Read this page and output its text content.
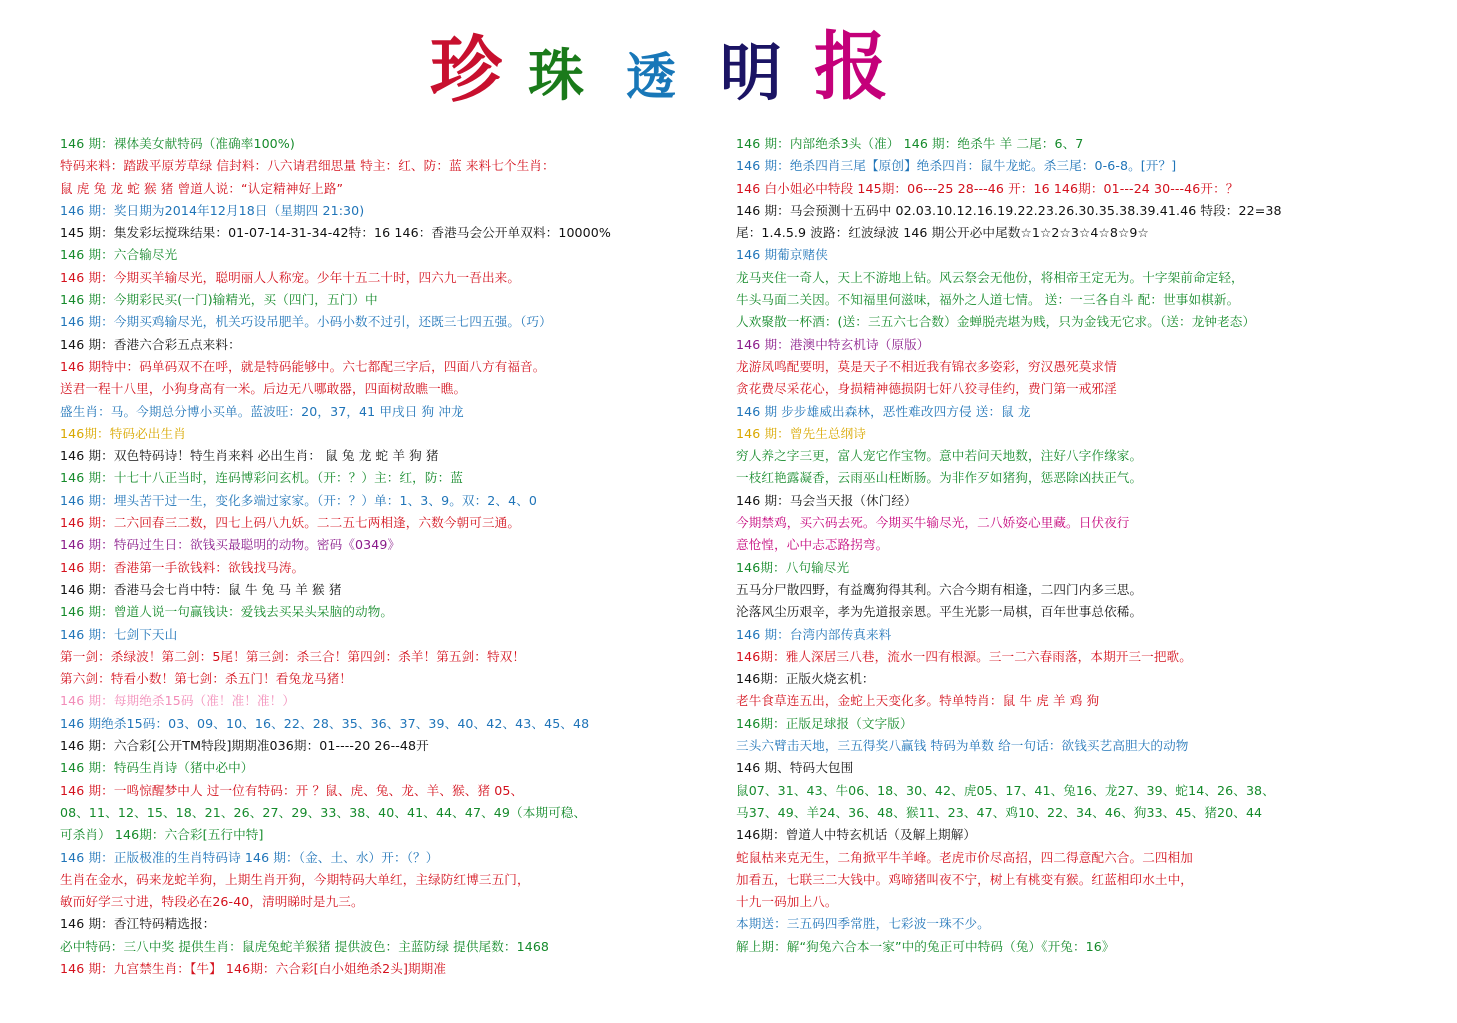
珍 珠 透 明 报
146 期：裸体美女献特码（准确率100%)
特码来料：踏跋平原芳草绿 信封料：八六请君细思量 特主：红、防：蓝 来料七个生肖：
鼠 虎 兔 龙 蛇 猴 猪 曾道人说：“认定精神好上路”
146 期：奖日期为2014年12月18日（星期四 21:30)
145 期：集发彩坛搅珠结果：01-07-14-31-34-42特：16 146：香港马会公开单双料：10000%
146 期：六合输尽光
146 期：今期买羊输尽光，聪明丽人人称宠。少年十五二十时，四六九一吾出来。
146 期：今期彩民买(一门)输精光，买（四门，五门）中
146 期：今期买鸡输尽光，机关巧设吊肥羊。小码小数不过引，还既三七四五强。（巧）
146 期：香港六合彩五点来料：
146 期特中：码单码双不在呼，就是特码能够中。六七都配三字后，四面八方有福音。
送君一程十八里，小狗身高有一米。后边无八哪敢器，四面树敌瞧一瞧。
盛生肖：马。今期总分博小买单。蓝波旺：20，37，41 甲戌日 狗 冲龙
146期：特码必出生肖
146 期：双色特码诗！特生肖来料 必出生肖： 鼠 兔 龙 蛇 羊 狗 猪
146 期：十七十八正当时，连码博彩问玄机。（开：？）主：红，防：蓝
146 期：埋头苦干过一生，变化多端过家家。（开：？）单：1、3、9。双：2、4、0
146 期：二六回春三二数，四七上码八九妖。二二五七两相逢，六数今朝可三通。
146 期：特码过生日：欲钱买最聪明的动物。密码《0349》
146 期：香港第一手欲钱料：欲钱找马涛。
146 期：香港马会七肖中特：鼠 牛 兔 马 羊 猴 猪
146 期：曾道人说一句赢钱诀：爱钱去买呆头呆脑的动物。
146 期：七剑下天山
第一剑：杀绿波！第二剑：5尾！第三剑：杀三合！第四剑：杀羊！第五剑：特双！
第六剑：特看小数！第七剑：杀五门！看兔龙马猪！
146 期：每期绝杀15码（准！准！准！）
146 期绝杀15码：03、09、10、16、22、28、35、36、37、39、40、42、43、45、48
146 期：六合彩[公开TM特段]期期准036期：01----20 26--48开
146 期：特码生肖诗（猪中必中）
146 期：一鸣惊醒梦中人 过一位有特码：开 ？鼠、虎、兔、龙、羊、猴、猪 05、
08、11、12、15、18、21、26、27、29、33、38、40、41、44、47、49（本期可稳、
可杀肖） 146期：六合彩[五行中特]
146 期：正版极准的生肖特码诗 146 期：（金、土、水）开：（？）
生肖在金水，码来龙蛇羊狗，上期生肖开狗，今期特码大单红，主绿防红博三五门，
敏而好学三寸进，特段必在26-40，清明睇时是九三。
146 期：香江特码精选报：
必中特码：三八中奖 提供生肖：鼠虎兔蛇羊猴猪 提供波色：主蓝防绿 提供尾数：1468
146 期：九宫禁生肖：【牛】 146期：六合彩[白小姐绝杀2头]期期准
146 期：内部绝杀3头（准） 146 期：绝杀牛 羊 二尾：6、7
146 期：绝杀四肖三尾【原创】绝杀四肖：鼠牛龙蛇。杀三尾：0-6-8。[开？]
146 白小姐必中特段 145期：06---25 28---46 开：16 146期：01---24 30---46开：？
146 期：马会预测十五码中 02.03.10.12.16.19.22.23.26.30.35.38.39.41.46 特段：22=38
尾：1.4.5.9 波路：红波绿波 146 期公开必中尾数☆1☆2☆3☆4☆8☆9☆
146 期葡京赌侠
龙马夹住一奇人，天上不游地上钻。风云祭会无他份，将相帝王定无为。十字架前命定轻，
牛头马面二关因。不知福里何滋味，福外之人道七情。 送：一三各自斗 配：世事如棋新。
人欢聚散一杯酒：(送：三五六七合数）金蝉脱壳堪为贱，只为金钱无它求。（送：龙钟老态）
146 期：港澳中特玄机诗（原版）
龙游凤鸣配要明，莫是天子不相近我有锦衣多姿彩，穷汉愚死莫求情
贪花费尽采花心，身损精神德损阴七奸八狡寻佳约，费门第一戒邪淫
146 期 步步雄威出森林，恶性难改四方侵 送：鼠 龙
146 期：曾先生总纲诗
穷人养之字三更，富人宠它作宝物。意中若问天地数，注好八字作缘家。
一枝红艳露凝香，云雨巫山枉断肠。为非作歹如猪狗，惩恶除凶扶正气。
146 期：马会当天报（休门经）
今期禁鸡，买六码去死。今期买牛输尽光，二八娇姿心里藏。日伏夜行
意怆惶，心中忐忑路拐弯。
146期：八句输尽光
五马分尸散四野，有益鹰狗得其利。六合今期有相逢，二四门内多三思。
沦落风尘历艰辛，孝为先道报亲恩。平生光影一局棋，百年世事总依稀。
146 期：台湾内部传真来料
146期：雅人深居三八巷，流水一四有根源。三一二六春雨落，本期开三一把歌。
146期：正版火烧玄机：
老牛食草连五出，金蛇上天变化多。特单特肖：鼠 牛 虎 羊 鸡 狗
146期：正版足球报（文字版）
三头六臂击天地，三五得奖八赢钱 特码为单数 给一句话：欲钱买艺高胆大的动物
146 期、特码大包围
鼠07、31、43、牛06、18、30、42、虎05、17、41、兔16、龙27、39、蛇14、26、38、
马37、49、羊24、36、48、猴11、23、47、鸡10、22、34、46、狗33、45、猪20、44
146期：曾道人中特玄机话（及解上期解）
蛇鼠枯来克无生，二角掀平牛羊峰。老虎市价尽高招，四二得意配六合。二四相加
加看五，七联三二大钱中。鸡啼猪叫夜不宁，树上有桃变有猴。红蓝相印水土中，
十九一码加上八。
本期送：三五码四季常胜，七彩波一珠不少。
解上期：解“狗兔六合本一家”中的兔正可中特码（兔）《开兔：16》
